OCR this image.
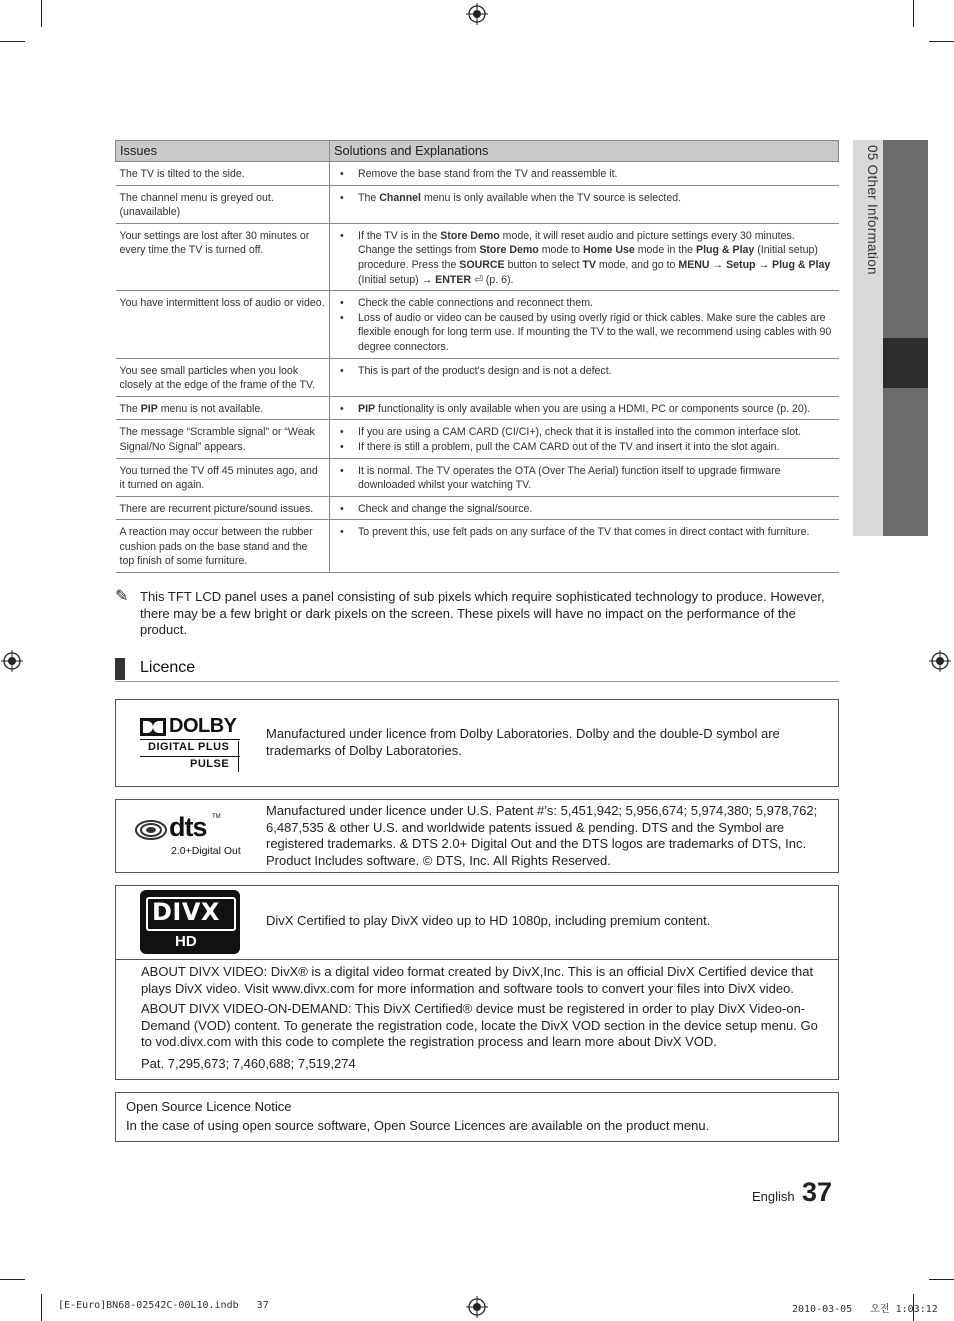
05 Other Information
Issues	Solutions and Explanations
The TV is tilted to the side.	• Remove the base stand from the TV and reassemble it.

The channel menu is greyed out. (unavailable)	• The Channel menu is only available when the TV source is selected.

Your settings are lost after 30 minutes or every time the TV is turned off.	• If the TV is in the Store Demo mode, it will reset audio and picture settings every 30 minutes. Change the settings from Store Demo mode to Home Use mode in the Plug & Play (Initial setup) procedure. Press the SOURCE button to select TV mode, and go to MENU → Setup → Plug & Play (Initial setup) → ENTER ⏎ (p. 6).

You have intermittent loss of audio or video.	• Check the cable connections and reconnect them.
• Loss of audio or video can be caused by using overly rigid or thick cables. Make sure the cables are flexible enough for long term use. If mounting the TV to the wall, we recommend using cables with 90 degree connectors.

You see small particles when you look closely at the edge of the frame of the TV.	• This is part of the product’s design and is not a defect.

The PIP menu is not available.	• PIP functionality is only available when you are using a HDMI, PC or components source (p. 20).

The message “Scramble signal” or “Weak Signal/No Signal” appears.	• If you are using a CAM CARD (CI/CI+), check that it is installed into the common interface slot.
• If there is still a problem, pull the CAM CARD out of the TV and insert it into the slot again.

You turned the TV off 45 minutes ago, and it turned on again.	• It is normal. The TV operates the OTA (Over The Aerial) function itself to upgrade firmware downloaded whilst your watching TV.

There are recurrent picture/sound issues.	• Check and change the signal/source.

A reaction may occur between the rubber cushion pads on the base stand and the top finish of some furniture.	• To prevent this, use felt pads on any surface of the TV that comes in direct contact with furniture.
✎ This TFT LCD panel uses a panel consisting of sub pixels which require sophisticated technology to produce. However, there may be a few bright or dark pixels on the screen. These pixels will have no impact on the performance of the product.
Licence
DOLBY
DIGITAL PLUS
PULSE
Manufactured under licence from Dolby Laboratories. Dolby and the double-D symbol are trademarks of Dolby Laboratories.
dts TM
2.0+Digital Out
Manufactured under licence under U.S. Patent #’s: 5,451,942; 5,956,674; 5,974,380; 5,978,762; 6,487,535 & other U.S. and worldwide patents issued & pending. DTS and the Symbol are registered trademarks. & DTS 2.0+ Digital Out and the DTS logos are trademarks of DTS, Inc. Product Includes software. © DTS, Inc. All Rights Reserved.
DIVX
HD
DivX Certified to play DivX video up to HD 1080p, including premium content.
ABOUT DIVX VIDEO: DivX® is a digital video format created by DivX,Inc. This is an official DivX Certified device that plays DivX video. Visit www.divx.com for more information and software tools to convert your files into DivX video.
ABOUT DIVX VIDEO-ON-DEMAND: This DivX Certified® device must be registered in order to play DivX Video-on-Demand (VOD) content. To generate the registration code, locate the DivX VOD section in the device setup menu. Go to vod.divx.com with this code to complete the registration process and learn more about DivX VOD.
Pat. 7,295,673; 7,460,688; 7,519,274
Open Source Licence Notice
In the case of using open source software, Open Source Licences are available on the product menu.
English 37
[E-Euro]BN68-02542C-00L10.indb   37	2010-03-05   오전 1:03:12
